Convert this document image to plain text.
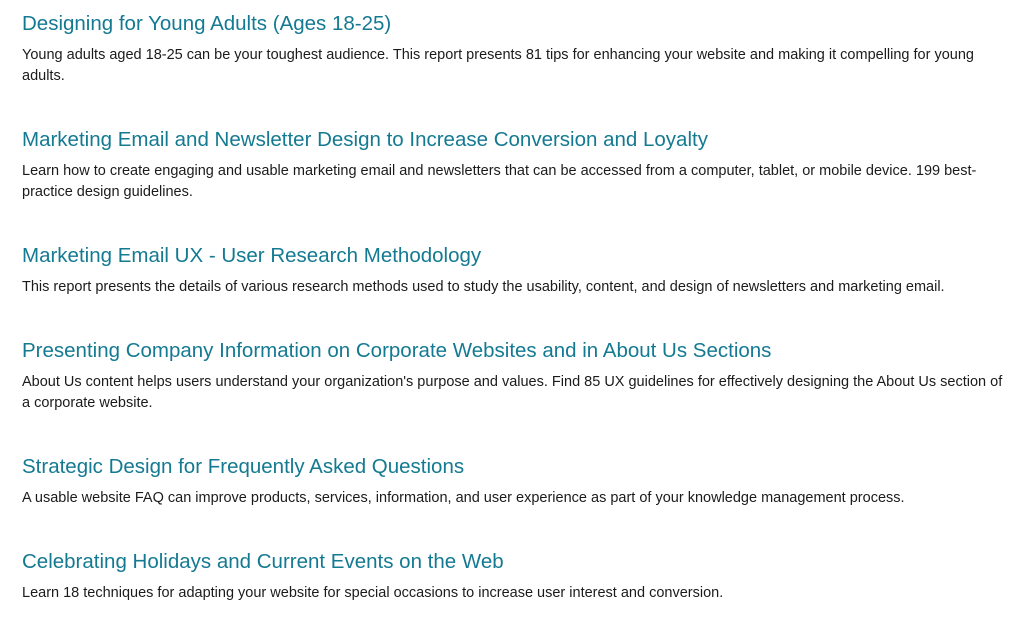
Designing for Young Adults (Ages 18-25)

Young adults aged 18-25 can be your toughest audience. This report presents 81 tips for enhancing your website and making it compelling for young adults.

Marketing Email and Newsletter Design to Increase Conversion and Loyalty

Learn how to create engaging and usable marketing email and newsletters that can be accessed from a computer, tablet, or mobile device. 199 best-practice design guidelines.

Marketing Email UX - User Research Methodology

This report presents the details of various research methods used to study the usability, content, and design of newsletters and marketing email.

Presenting Company Information on Corporate Websites and in About Us Sections

About Us content helps users understand your organization's purpose and values. Find 85 UX guidelines for effectively designing the About Us section of a corporate website.

Strategic Design for Frequently Asked Questions

A usable website FAQ can improve products, services, information, and user experience as part of your knowledge management process.

Celebrating Holidays and Current Events on the Web

Learn 18 techniques for adapting your website for special occasions to increase user interest and conversion.
